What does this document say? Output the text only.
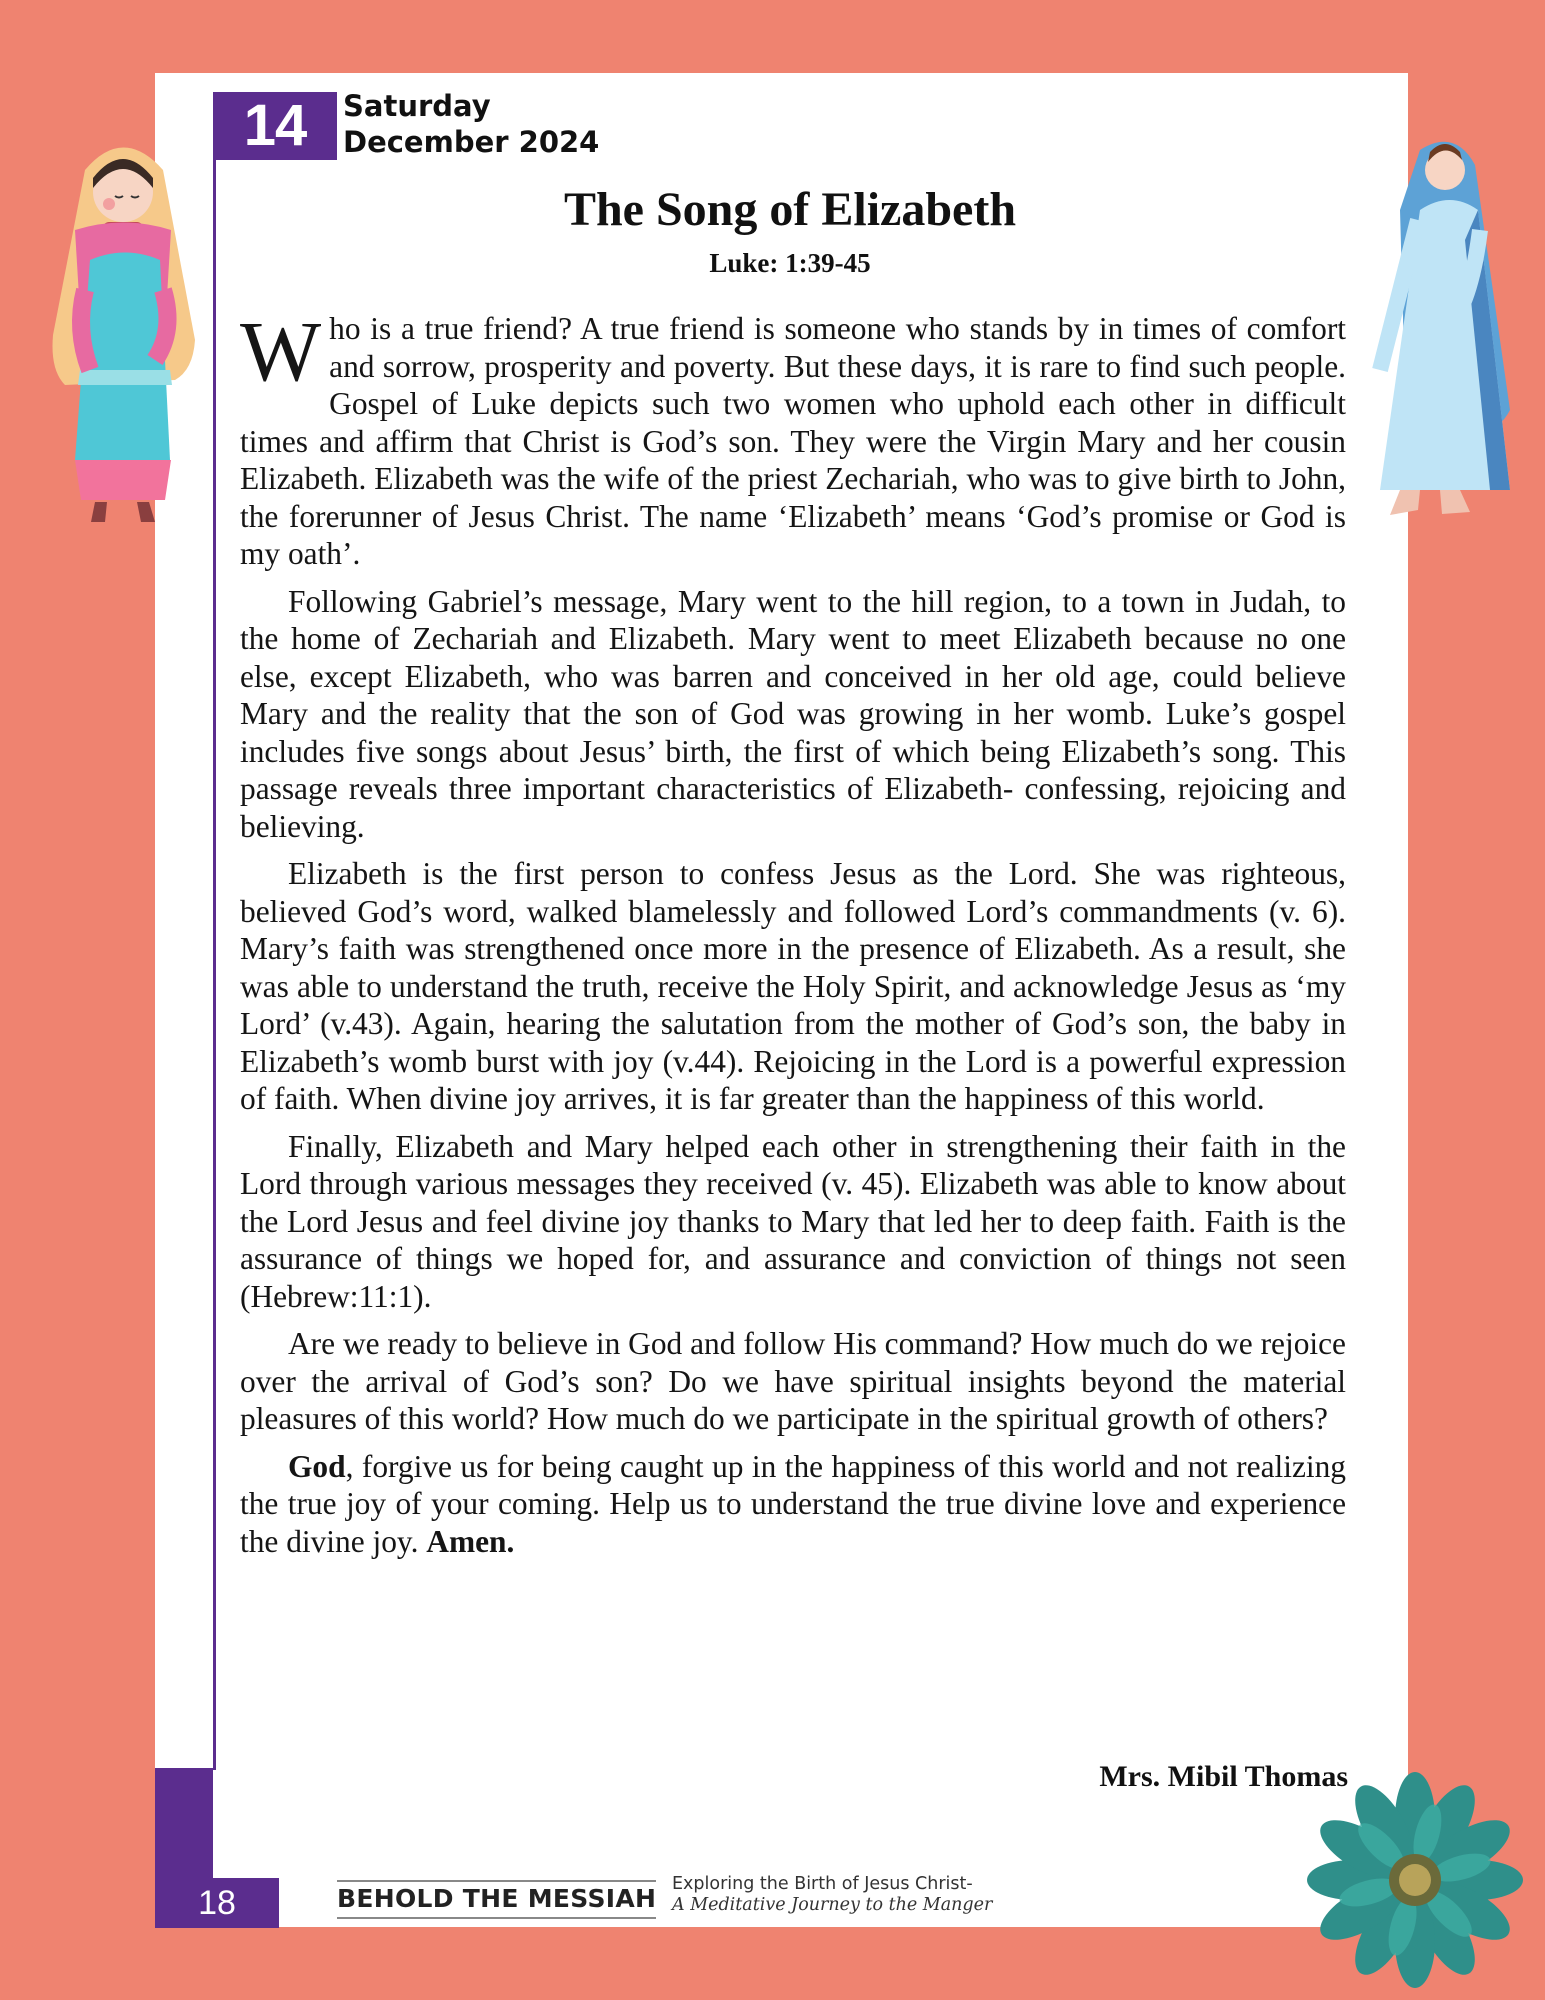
14	Saturday
December 2024
The Song of Elizabeth
Luke: 1:39-45

Who is a true friend? A true friend is someone who stands by in times of comfort and sorrow, prosperity and poverty. But these days, it is rare to find such people. Gospel of Luke depicts such two women who uphold each other in difficult times and affirm that Christ is God’s son. They were the Virgin Mary and her cousin Elizabeth. Elizabeth was the wife of the priest Zechariah, who was to give birth to John, the forerunner of Jesus Christ. The name ‘Elizabeth’ means ‘God’s promise or God is my oath’.

Following Gabriel’s message, Mary went to the hill region, to a town in Judah, to the home of Zechariah and Elizabeth. Mary went to meet Elizabeth because no one else, except Elizabeth, who was barren and conceived in her old age, could believe Mary and the reality that the son of God was growing in her womb. Luke’s gospel includes five songs about Jesus’ birth, the first of which being Elizabeth’s song. This passage reveals three important characteristics of Elizabeth- confessing, rejoicing and believing.

Elizabeth is the first person to confess Jesus as the Lord. She was righteous, believed God’s word, walked blamelessly and followed Lord’s commandments (v. 6). Mary’s faith was strengthened once more in the presence of Elizabeth. As a result, she was able to understand the truth, receive the Holy Spirit, and acknowledge Jesus as ‘my Lord’ (v.43). Again, hearing the salutation from the mother of God’s son, the baby in Elizabeth’s womb burst with joy (v.44). Rejoicing in the Lord is a powerful expression of faith. When divine joy arrives, it is far greater than the happiness of this world.

Finally, Elizabeth and Mary helped each other in strengthening their faith in the Lord through various messages they received (v. 45). Elizabeth was able to know about the Lord Jesus and feel divine joy thanks to Mary that led her to deep faith. Faith is the assurance of things we hoped for, and assurance and conviction of things not seen (Hebrew:11:1).

Are we ready to believe in God and follow His command? How much do we rejoice over the arrival of God’s son? Do we have spiritual insights beyond the material pleasures of this world? How much do we participate in the spiritual growth of others?

God, forgive us for being caught up in the happiness of this world and not realizing the true joy of your coming. Help us to understand the true divine love and experience the divine joy. Amen.

Mrs. Mibil Thomas
18	BEHOLD THE MESSIAH Exploring the Birth of Jesus Christ-
A Meditative Journey to the Manger
